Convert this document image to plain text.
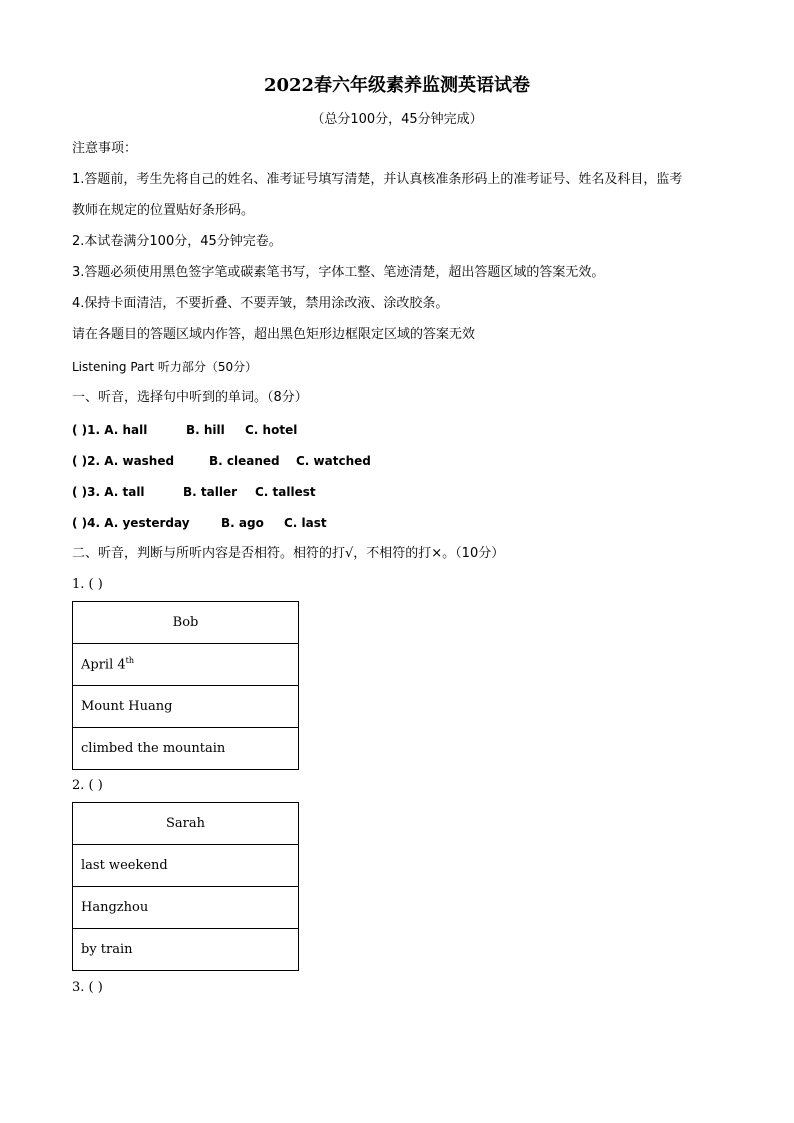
2022春六年级素养监测英语试卷
（总分100分，45分钟完成）
注意事项：
1.答题前，考生先将自己的姓名、准考证号填写清楚，并认真核准条形码上的准考证号、姓名及科目，监考
教师在规定的位置贴好条形码。
2.本试卷满分100分，45分钟完卷。
3.答题必须使用黑色签字笔或碳素笔书写，字体工整、笔迹清楚，超出答题区域的答案无效。
4.保持卡面清洁，不要折叠、不要弄皱，禁用涂改液、涂改胶条。
请在各题目的答题区域内作答，超出黑色矩形边框限定区域的答案无效
Listening Part 听力部分（50分）
一、听音，选择句中听到的单词。（8分）
( )1. A. hall	B. hill C. hotel
( )2. A. washed	B. cleaned C. watched
( )3. A. tall	B. taller C. tallest
( )4. A. yesterday	B. ago C. last
二、听音，判断与所听内容是否相符。相符的打√，不相符的打×。（10分）
1. ( )
Bob
April 4th
Mount Huang
climbed the mountain
2. ( )
Sarah
last weekend
Hangzhou
by train
3. ( )
